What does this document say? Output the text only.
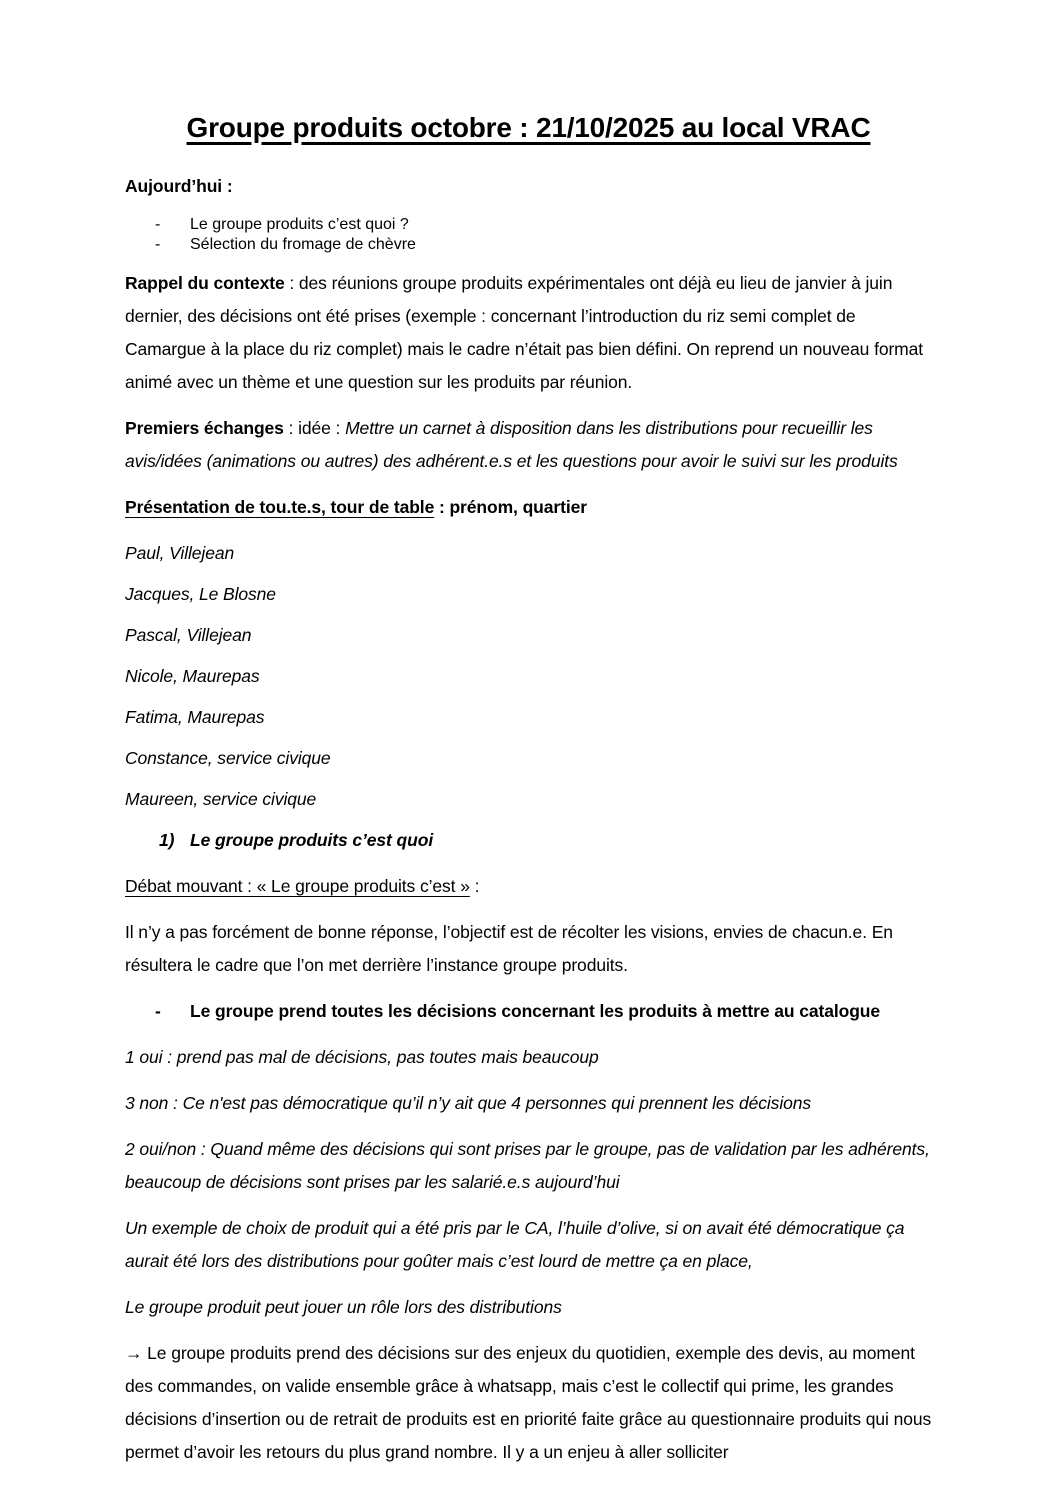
Groupe produits octobre : 21/10/2025 au local VRAC

Aujourd’hui :

-	Le groupe produits c’est quoi ?
-	Sélection du fromage de chèvre

Rappel du contexte : des réunions groupe produits expérimentales ont déjà eu lieu de janvier à juin dernier, des décisions ont été prises (exemple : concernant l’introduction du riz semi complet de Camargue à la place du riz complet) mais le cadre n’était pas bien défini. On reprend un nouveau format animé avec un thème et une question sur les produits par réunion.

Premiers échanges : idée : Mettre un carnet à disposition dans les distributions pour recueillir les avis/idées (animations ou autres) des adhérent.e.s et les questions pour avoir le suivi sur les produits

Présentation de tou.te.s, tour de table : prénom, quartier

Paul, Villejean

Jacques, Le Blosne

Pascal, Villejean

Nicole, Maurepas

Fatima, Maurepas

Constance, service civique

Maureen, service civique

1) Le groupe produits c’est quoi

Débat mouvant : « Le groupe produits c’est » :

Il n’y a pas forcément de bonne réponse, l’objectif est de récolter les visions, envies de chacun.e. En résultera le cadre que l’on met derrière l’instance groupe produits.

-	Le groupe prend toutes les décisions concernant les produits à mettre au catalogue

1 oui : prend pas mal de décisions, pas toutes mais beaucoup

3 non : Ce n'est pas démocratique qu’il n’y ait que 4 personnes qui prennent les décisions

2 oui/non : Quand même des décisions qui sont prises par le groupe, pas de validation par les adhérents, beaucoup de décisions sont prises par les salarié.e.s aujourd’hui

Un exemple de choix de produit qui a été pris par le CA, l’huile d’olive, si on avait été démocratique ça aurait été lors des distributions pour goûter mais c’est lourd de mettre ça en place,

Le groupe produit peut jouer un rôle lors des distributions

→ Le groupe produits prend des décisions sur des enjeux du quotidien, exemple des devis, au moment des commandes, on valide ensemble grâce à whatsapp, mais c’est le collectif qui prime, les grandes décisions d’insertion ou de retrait de produits est en priorité faite grâce au questionnaire produits qui nous permet d’avoir les retours du plus grand nombre. Il y a un enjeu à aller solliciter
